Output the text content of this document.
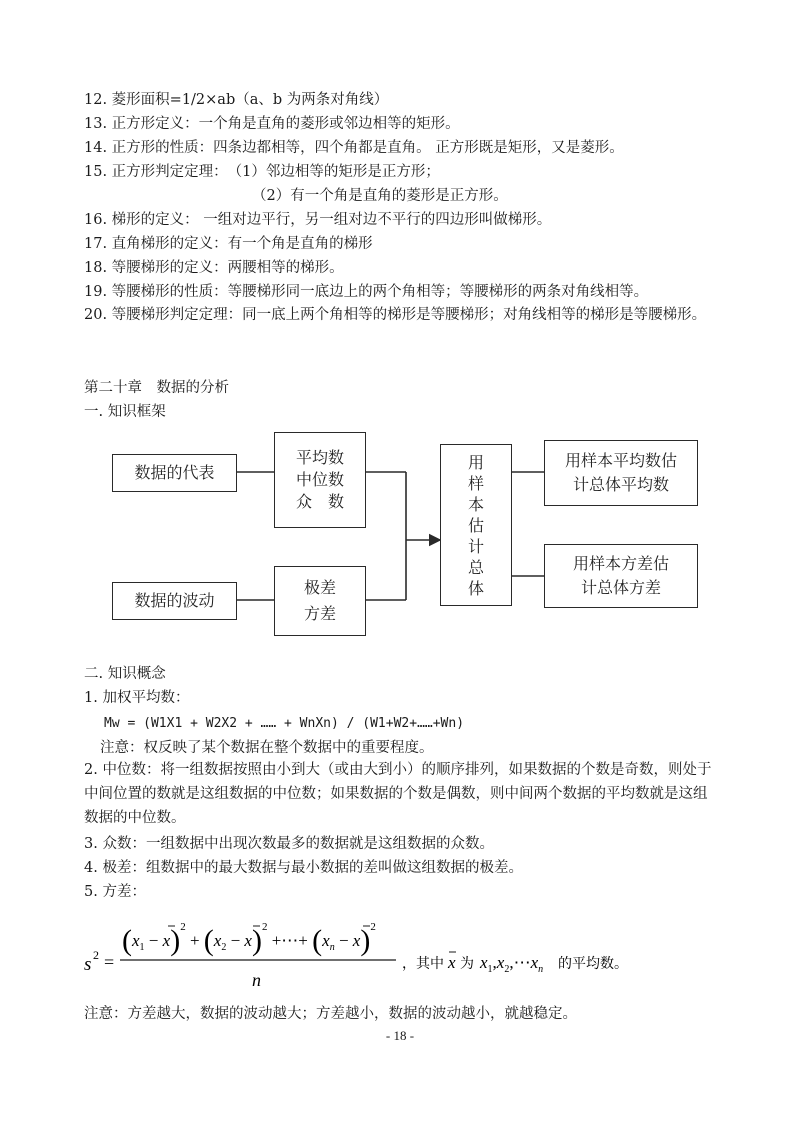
12. 菱形面积=1/2×ab（a、b 为两条对角线）
13. 正方形定义：一个角是直角的菱形或邻边相等的矩形。
14. 正方形的性质：四条边都相等，四个角都是直角。 正方形既是矩形，又是菱形。
15. 正方形判定定理：　（1）邻边相等的矩形是正方形；
（2）有一个角是直角的菱形是正方形。
16. 梯形的定义： 一组对边平行，另一组对边不平行的四边形叫做梯形。
17. 直角梯形的定义：有一个角是直角的梯形
18. 等腰梯形的定义：两腰相等的梯形。
19. 等腰梯形的性质：等腰梯形同一底边上的两个角相等；等腰梯形的两条对角线相等。
20. 等腰梯形判定定理：同一底上两个角相等的梯形是等腰梯形；对角线相等的梯形是等腰梯形。
第二十章　数据的分析
一. 知识框架
数据的代表
数据的波动
平均数
中位数
众　数
极差
方差
用
样
本
估
计
总
体
用样本平均数估
计总体平均数
用样本方差估
计总体方差
二. 知识概念
1. 加权平均数：
Mw = (W1X1 + W2X2 + …… + WnXn) / (W1+W2+……+Wn)
注意：权反映了某个数据在整个数据中的重要程度。
2. 中位数：将一组数据按照由小到大（或由大到小）的顺序排列，如果数据的个数是奇数，则处于中间位置的数就是这组数据的中位数；如果数据的个数是偶数，则中间两个数据的平均数就是这组数据的中位数。
3. 众数：一组数据中出现次数最多的数据就是这组数据的众数。
4. 极差：组数据中的最大数据与最小数据的差叫做这组数据的极差。
5. 方差：
s 2 =
$(x_1 - x)^2 + (x_2 - x)^2$ +⋯+ $(x_n - x)^2$
n
，其中 x 为 $x_1,x_2,\cdots x_n$ 的平均数。
注意：方差越大，数据的波动越大；方差越小，数据的波动越小，就越稳定。
- 18 -
